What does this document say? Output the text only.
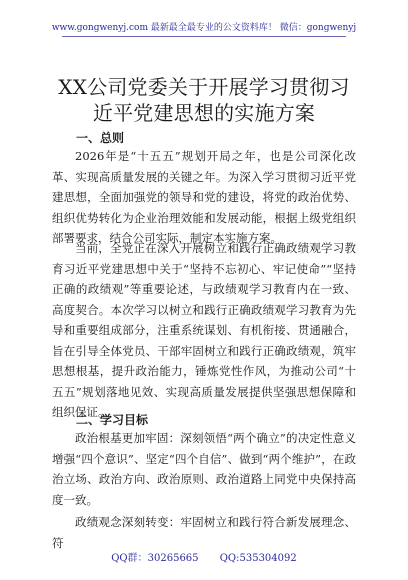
www.gongwenyj.com 最新最全最专业的公文资料库！ 微信：gongwenyj
XX公司党委关于开展学习贯彻习近平党建思想的实施方案
一、总则

2026年是“十五五”规划开局之年，也是公司深化改革、实现高质量发展的关键之年。为深入学习贯彻习近平党建思想，全面加强党的领导和党的建设，将党的政治优势、组织优势转化为企业治理效能和发展动能，根据上级党组织部署要求，结合公司实际，制定本实施方案。

当前，全党正在深入开展树立和践行正确政绩观学习教育习近平党建思想中关于“坚持不忘初心、牢记使命”“坚持正确的政绩观”等重要论述，与政绩观学习教育内在一致、高度契合。本次学习以树立和践行正确政绩观学习教育为先导和重要组成部分，注重系统谋划、有机衔接、贯通融合，旨在引导全体党员、干部牢固树立和践行正确政绩观，筑牢思想根基，提升政治能力，锤炼党性作风，为推动公司“十五五”规划落地见效、实现高质量发展提供坚强思想保障和组织保证。

二、学习目标

政治根基更加牢固：深刻领悟“两个确立”的决定性意义增强“四个意识”、坚定“四个自信”、做到“两个维护”，在政治立场、政治方向、政治原则、政治道路上同党中央保持高度一致。

政绩观念深刻转变：牢固树立和践行符合新发展理念、符

QQ群：30265665 QQ:535304092
